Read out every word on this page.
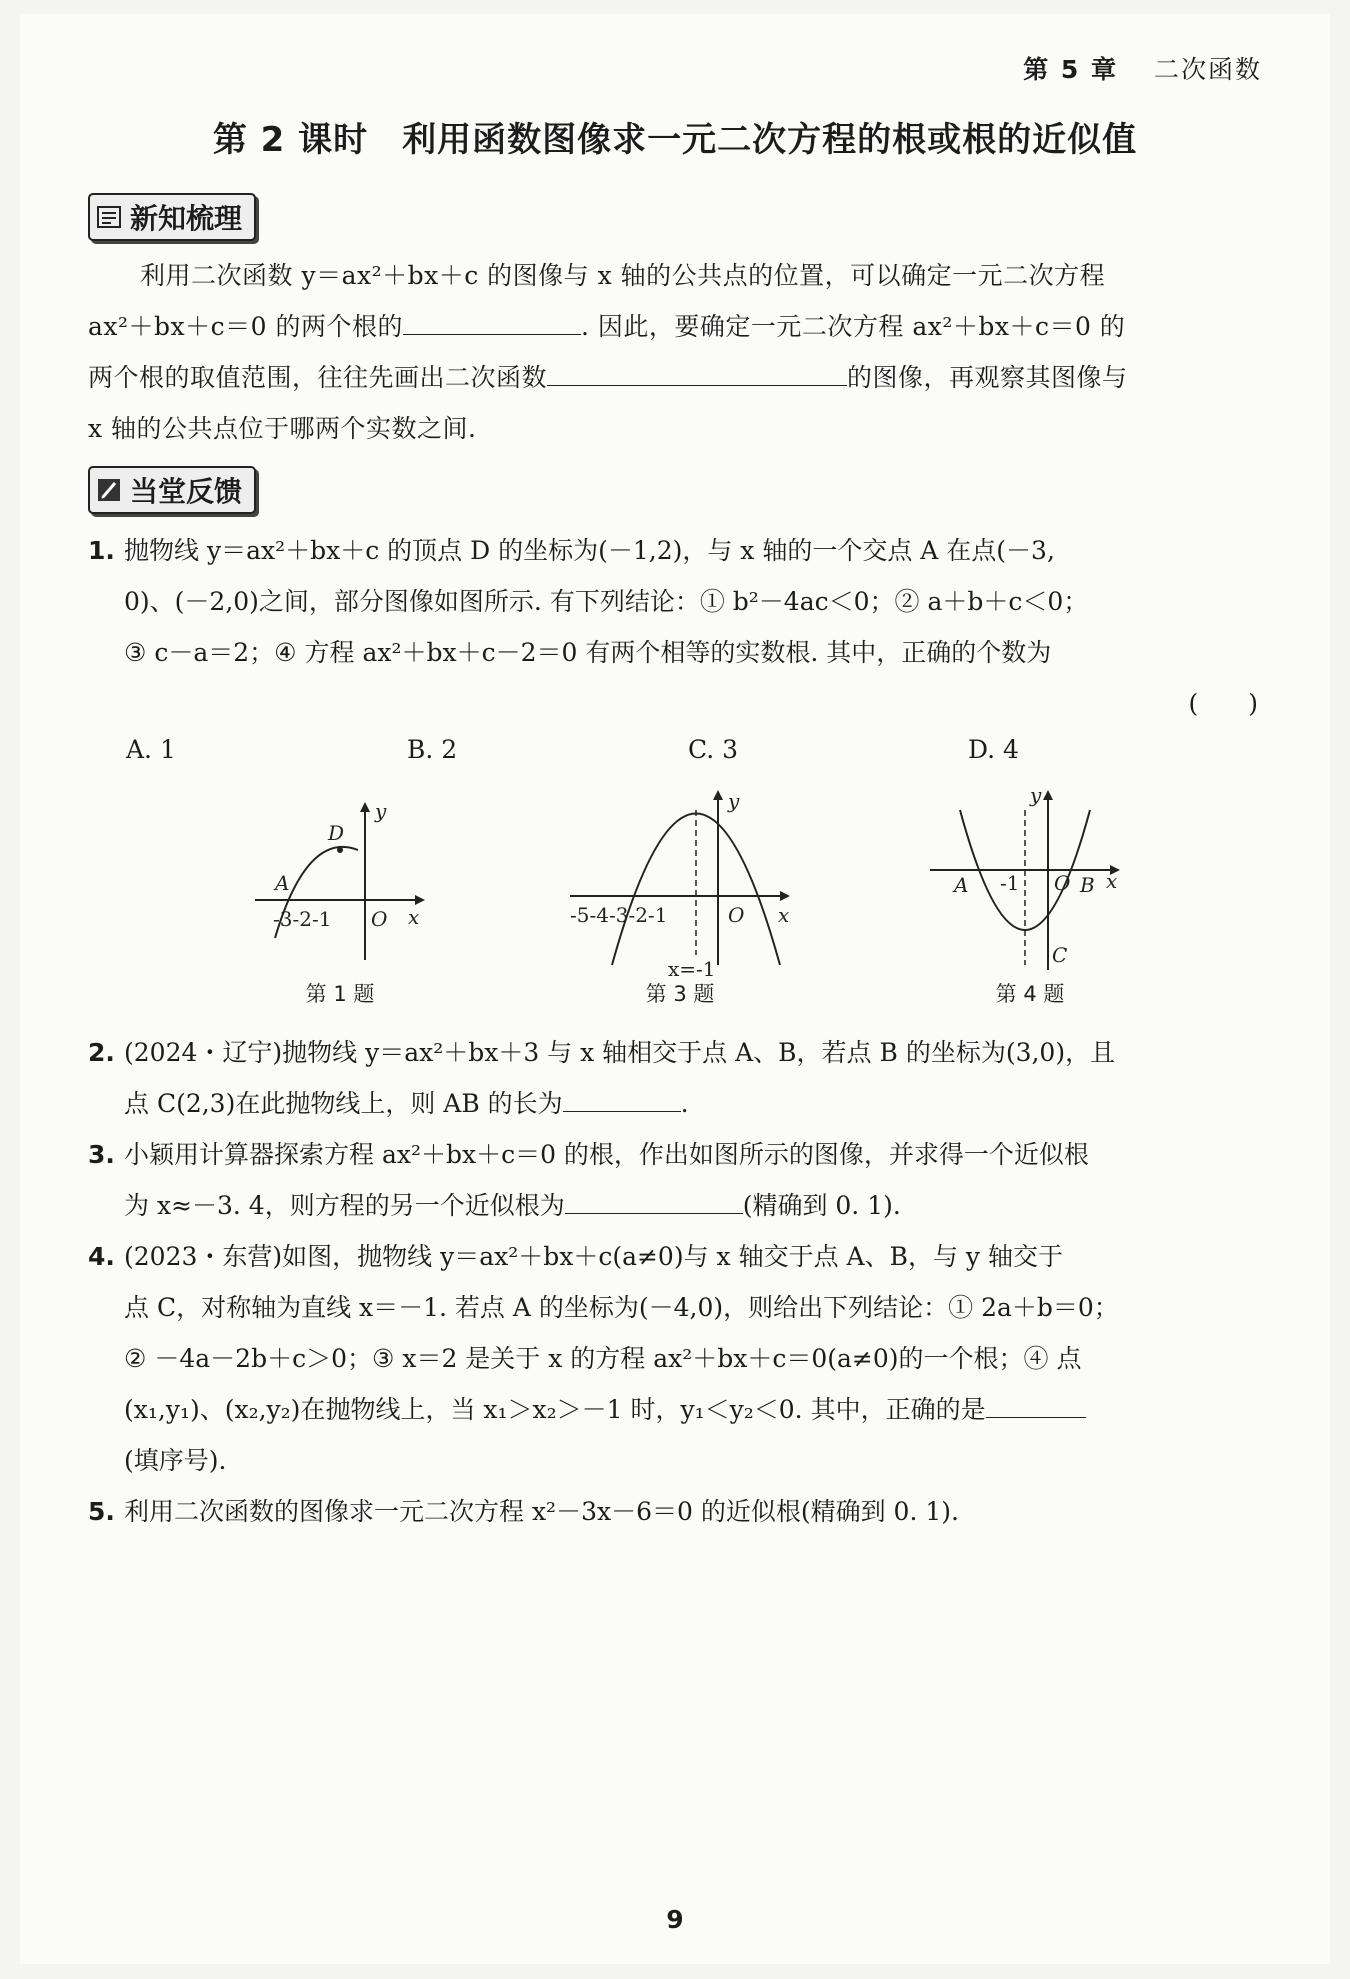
第 5 章 二次函数
第 2 课时 利用函数图像求一元二次方程的根或根的近似值
新知梳理
利用二次函数 y＝ax²＋bx＋c 的图像与 x 轴的公共点的位置，可以确定一元二次方程
ax²＋bx＋c＝0 的两个根的	. 因此，要确定一元二次方程 ax²＋bx＋c＝0 的
两个根的取值范围，往往先画出二次函数	的图像，再观察其图像与
x 轴的公共点位于哪两个实数之间.
当堂反馈
1. 抛物线 y＝ax²＋bx＋c 的顶点 D 的坐标为(－1,2)，与 x 轴的一个交点 A 在点(－3,
0)、(－2,0)之间，部分图像如图所示. 有下列结论：① b²－4ac＜0；② a＋b＋c＜0；
③ c－a＝2；④ 方程 ax²＋bx＋c－2＝0 有两个相等的实数根. 其中，正确的个数为
(　　)
A. 1	B. 2	C. 3	D. 4
D
A
y
x
O
-3-2-1
第 1 题
y
x
O
-5-4-3-2-1
x=-1
第 3 题
A	B
C
y
x
O
-1
第 4 题
2. (2024・辽宁)抛物线 y＝ax²＋bx＋3 与 x 轴相交于点 A、B，若点 B 的坐标为(3,0)，且
点 C(2,3)在此抛物线上，则 AB 的长为	.
3. 小颖用计算器探索方程 ax²＋bx＋c＝0 的根，作出如图所示的图像，并求得一个近似根
为 x≈－3. 4，则方程的另一个近似根为	(精确到 0. 1).
4. (2023・东营)如图，抛物线 y＝ax²＋bx＋c(a≠0)与 x 轴交于点 A、B，与 y 轴交于
点 C，对称轴为直线 x＝－1. 若点 A 的坐标为(－4,0)，则给出下列结论：① 2a＋b＝0；
② －4a－2b＋c＞0；③ x＝2 是关于 x 的方程 ax²＋bx＋c＝0(a≠0)的一个根；④ 点
(x₁,y₁)、(x₂,y₂)在抛物线上，当 x₁＞x₂＞－1 时，y₁＜y₂＜0. 其中，正确的是
(填序号).
5. 利用二次函数的图像求一元二次方程 x²－3x－6＝0 的近似根(精确到 0. 1).
9
